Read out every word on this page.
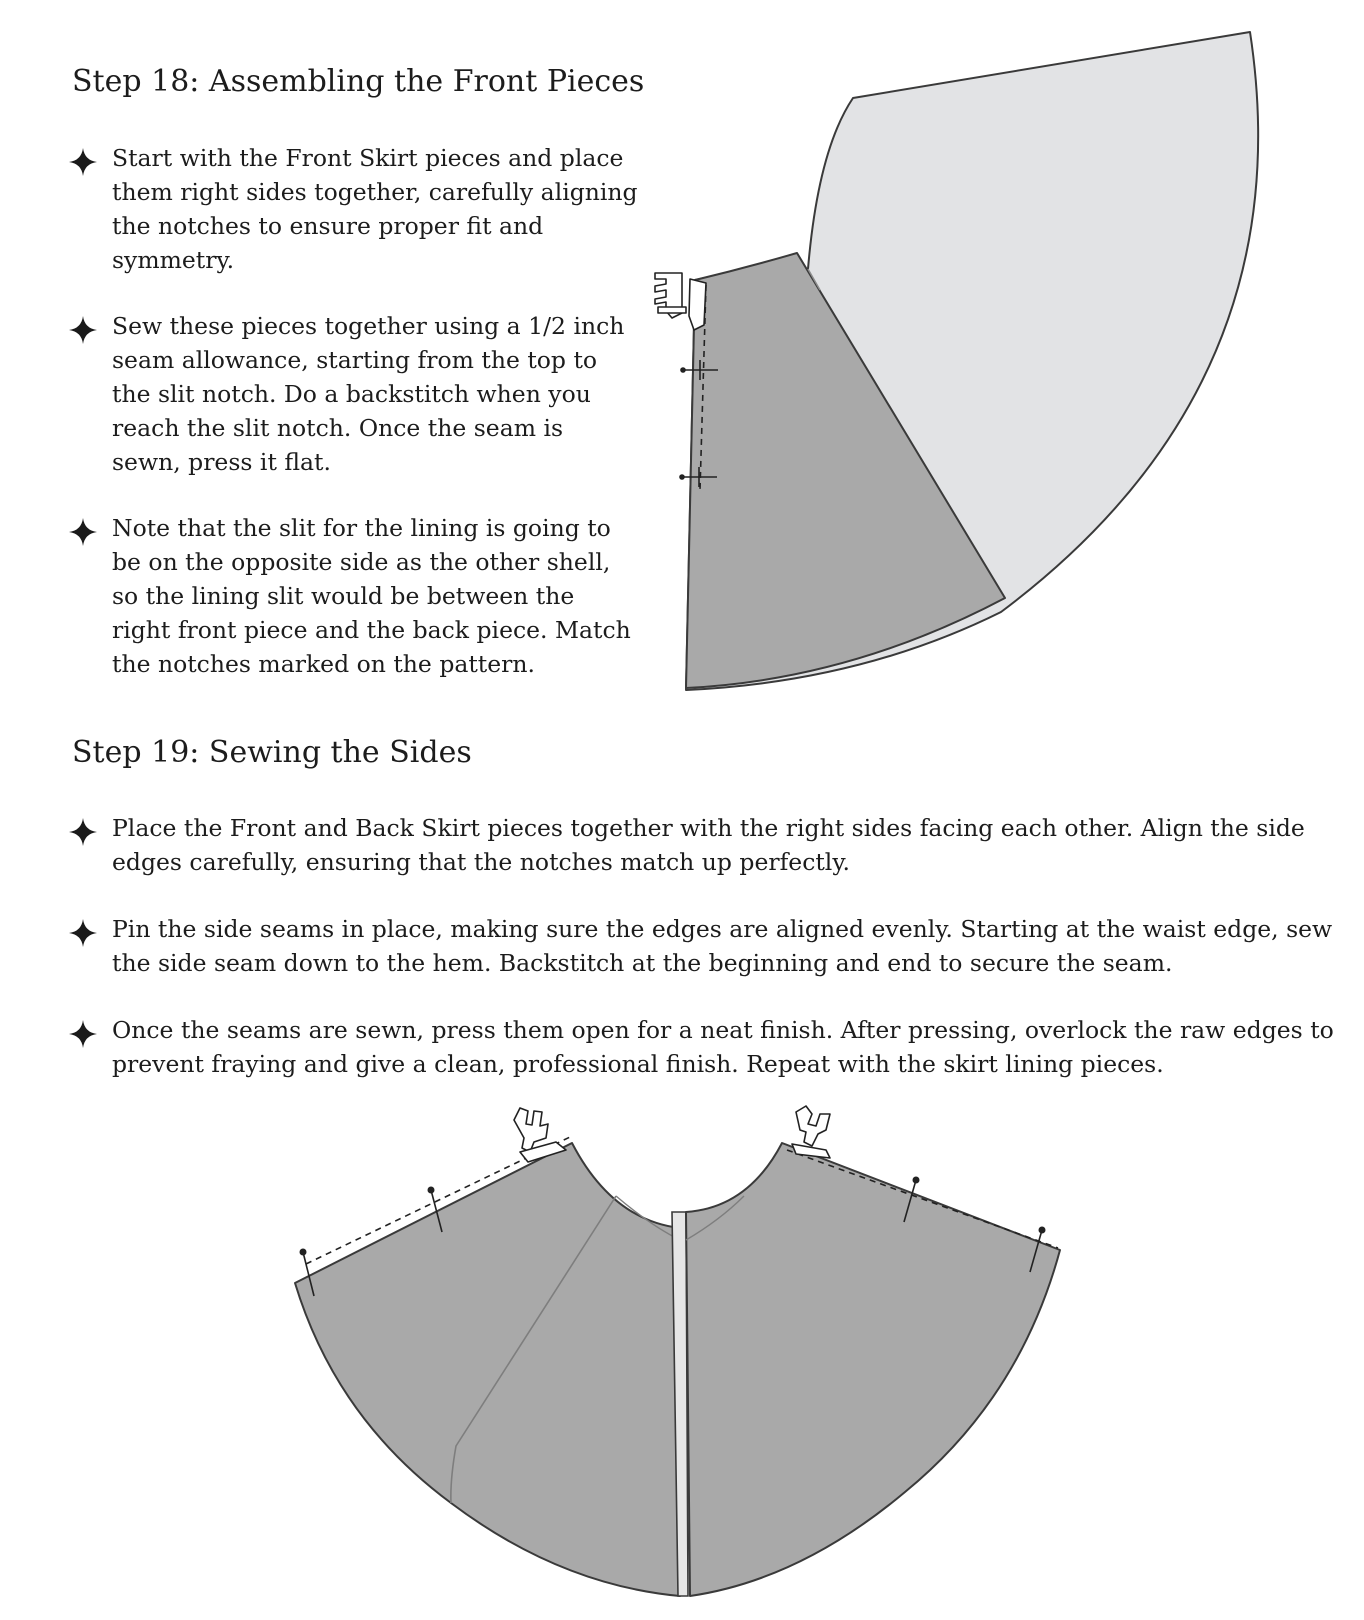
Step 18: Assembling the Front Pieces
Start with the Front Skirt pieces and place them right sides together, carefully aligning the notches to ensure proper fit and symmetry.
Sew these pieces together using a 1/2 inch seam allowance, starting from the top to the slit notch. Do a backstitch when you reach the slit notch. Once the seam is sewn, press it flat.
Note that the slit for the lining is going to be on the opposite side as the other shell, so the lining slit would be between the right front piece and the back piece. Match the notches marked on the pattern.
Step 19: Sewing the Sides
Place the Front and Back Skirt pieces together with the right sides facing each other. Align the side edges carefully, ensuring that the notches match up perfectly.
Pin the side seams in place, making sure the edges are aligned evenly. Starting at the waist edge, sew the side seam down to the hem. Backstitch at the beginning and end to secure the seam.
Once the seams are sewn, press them open for a neat finish. After pressing, overlock the raw edges to prevent fraying and give a clean, professional finish. Repeat with the skirt lining pieces.
